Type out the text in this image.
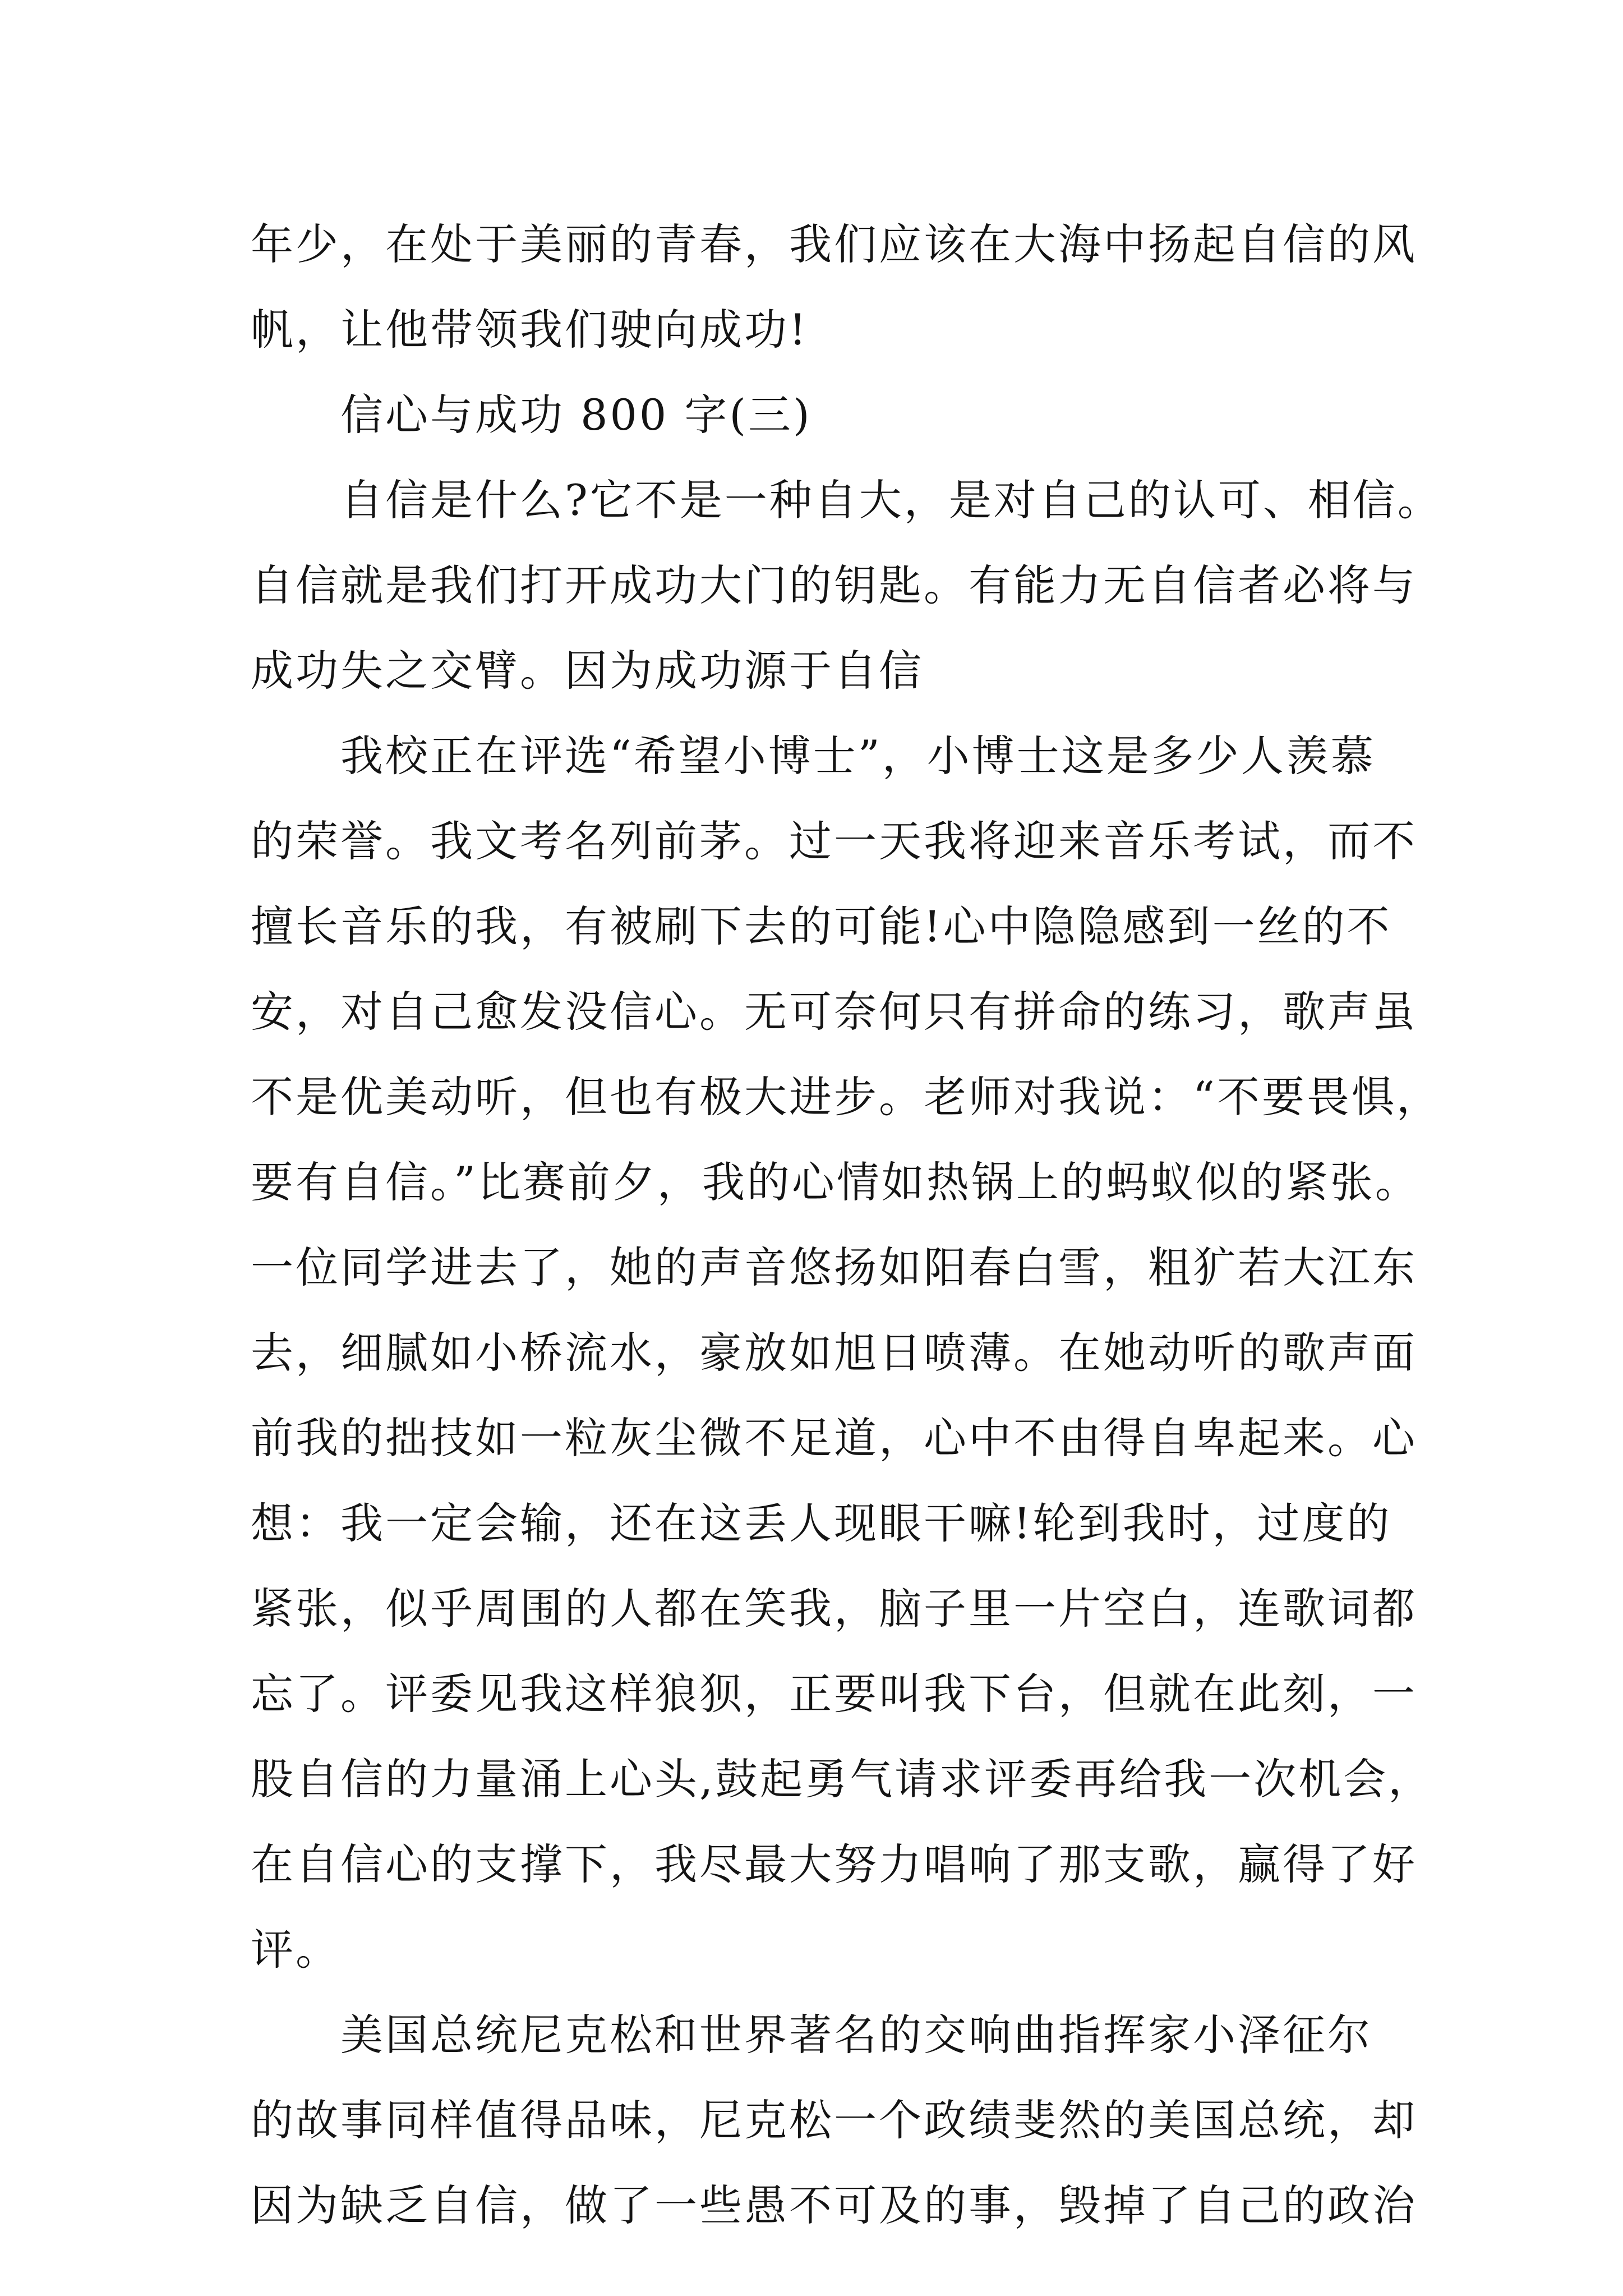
年少，在处于美丽的青春，我们应该在大海中扬起自信的风
帆，让他带领我们驶向成功!
信心与成功 800 字(三)
自信是什么?它不是一种自大，是对自己的认可、相信。
自信就是我们打开成功大门的钥匙。有能力无自信者必将与
成功失之交臂。因为成功源于自信
我校正在评选“希望小博士”，小博士这是多少人羡慕
的荣誉。我文考名列前茅。过一天我将迎来音乐考试，而不
擅长音乐的我，有被刷下去的可能!心中隐隐感到一丝的不
安，对自己愈发没信心。无可奈何只有拼命的练习，歌声虽
不是优美动听，但也有极大进步。老师对我说：“不要畏惧，
要有自信。”比赛前夕，我的心情如热锅上的蚂蚁似的紧张。
一位同学进去了，她的声音悠扬如阳春白雪，粗犷若大江东
去，细腻如小桥流水，豪放如旭日喷薄。在她动听的歌声面
前我的拙技如一粒灰尘微不足道，心中不由得自卑起来。心
想：我一定会输，还在这丢人现眼干嘛!轮到我时，过度的
紧张，似乎周围的人都在笑我，脑子里一片空白，连歌词都
忘了。评委见我这样狼狈，正要叫我下台，但就在此刻，一
股自信的力量涌上心头,鼓起勇气请求评委再给我一次机会，
在自信心的支撑下，我尽最大努力唱响了那支歌，赢得了好
评。
美国总统尼克松和世界著名的交响曲指挥家小泽征尔
的故事同样值得品味，尼克松一个政绩斐然的美国总统，却
因为缺乏自信，做了一些愚不可及的事，毁掉了自己的政治
